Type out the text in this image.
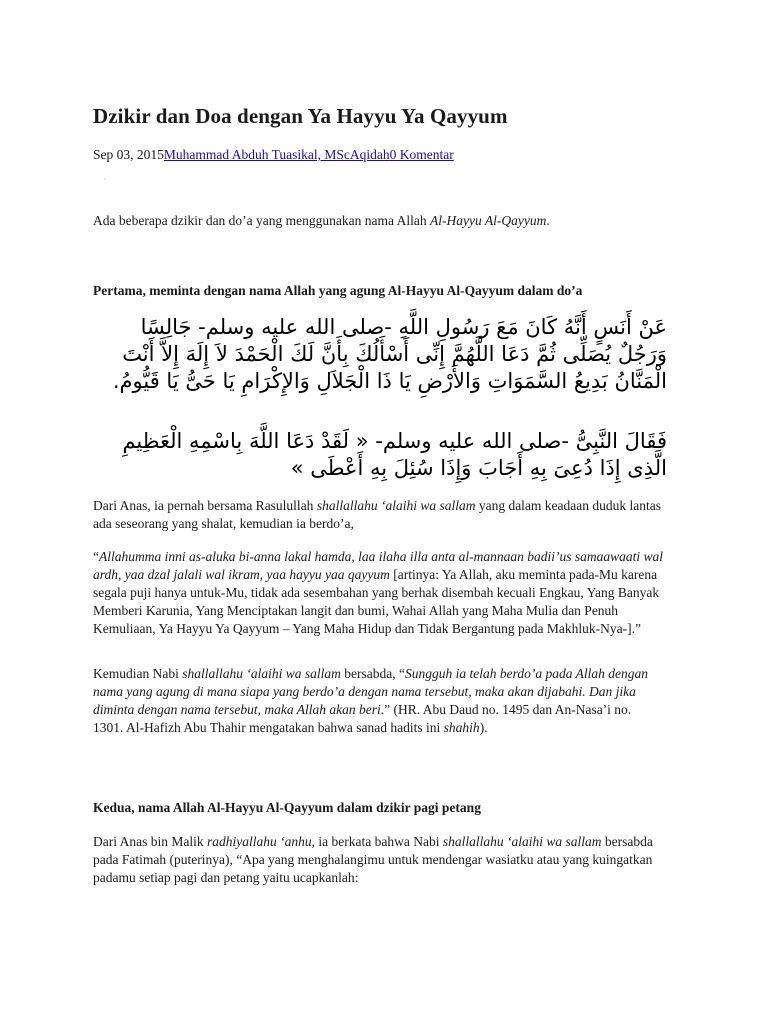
Dzikir dan Doa dengan Ya Hayyu Ya Qayyum
Sep 03, 2015Muhammad Abduh Tuasikal, MScAqidah0 Komentar
·

Ada beberapa dzikir dan do’a yang menggunakan nama Allah Al-Hayyu Al-Qayyum.

Pertama, meminta dengan nama Allah yang agung Al-Hayyu Al-Qayyum dalam do’a

عَنْ أَنَسٍ أَنَّهُ كَانَ مَعَ رَسُولِ اللَّهِ -صلى الله عليه وسلم- جَالِسًا وَرَجُلٌ يُصَلِّى ثُمَّ دَعَا اللَّهُمَّ إِنِّى أَسْأَلُكَ بِأَنَّ لَكَ الْحَمْدَ لاَ إِلَهَ إِلاَّ أَنْتَ الْمَنَّانُ بَدِيعُ السَّمَوَاتِ وَالأَرْضِ يَا ذَا الْجَلاَلِ وَالإِكْرَامِ يَا حَىُّ يَا قَيُّومُ.

فَقَالَ النَّبِىُّ -صلى الله عليه وسلم- « لَقَدْ دَعَا اللَّهَ بِاسْمِهِ الْعَظِيمِ الَّذِى إِذَا دُعِىَ بِهِ أَجَابَ وَإِذَا سُئِلَ بِهِ أَعْطَى »

Dari Anas, ia pernah bersama Rasulullah shallallahu ‘alaihi wa sallam yang dalam keadaan duduk lantas ada seseorang yang shalat, kemudian ia berdo’a,

“Allahumma inni as-aluka bi-anna lakal hamda, laa ilaha illa anta al-mannaan badii’us samaawaati wal ardh, yaa dzal jalali wal ikram, yaa hayyu yaa qayyum [artinya: Ya Allah, aku meminta pada-Mu karena segala puji hanya untuk-Mu, tidak ada sesembahan yang berhak disembah kecuali Engkau, Yang Banyak Memberi Karunia, Yang Menciptakan langit dan bumi, Wahai Allah yang Maha Mulia dan Penuh Kemuliaan, Ya Hayyu Ya Qayyum – Yang Maha Hidup dan Tidak Bergantung pada Makhluk-Nya-].”

Kemudian Nabi shallallahu ‘alaihi wa sallam bersabda, “Sungguh ia telah berdo’a pada Allah dengan nama yang agung di mana siapa yang berdo’a dengan nama tersebut, maka akan dijabahi. Dan jika diminta dengan nama tersebut, maka Allah akan beri.” (HR. Abu Daud no. 1495 dan An-Nasa’i no. 1301. Al-Hafizh Abu Thahir mengatakan bahwa sanad hadits ini shahih).

Kedua, nama Allah Al-Hayyu Al-Qayyum dalam dzikir pagi petang

Dari Anas bin Malik radhiyallahu ‘anhu, ia berkata bahwa Nabi shallallahu ‘alaihi wa sallam bersabda pada Fatimah (puterinya), “Apa yang menghalangimu untuk mendengar wasiatku atau yang kuingatkan padamu setiap pagi dan petang yaitu ucapkanlah:
